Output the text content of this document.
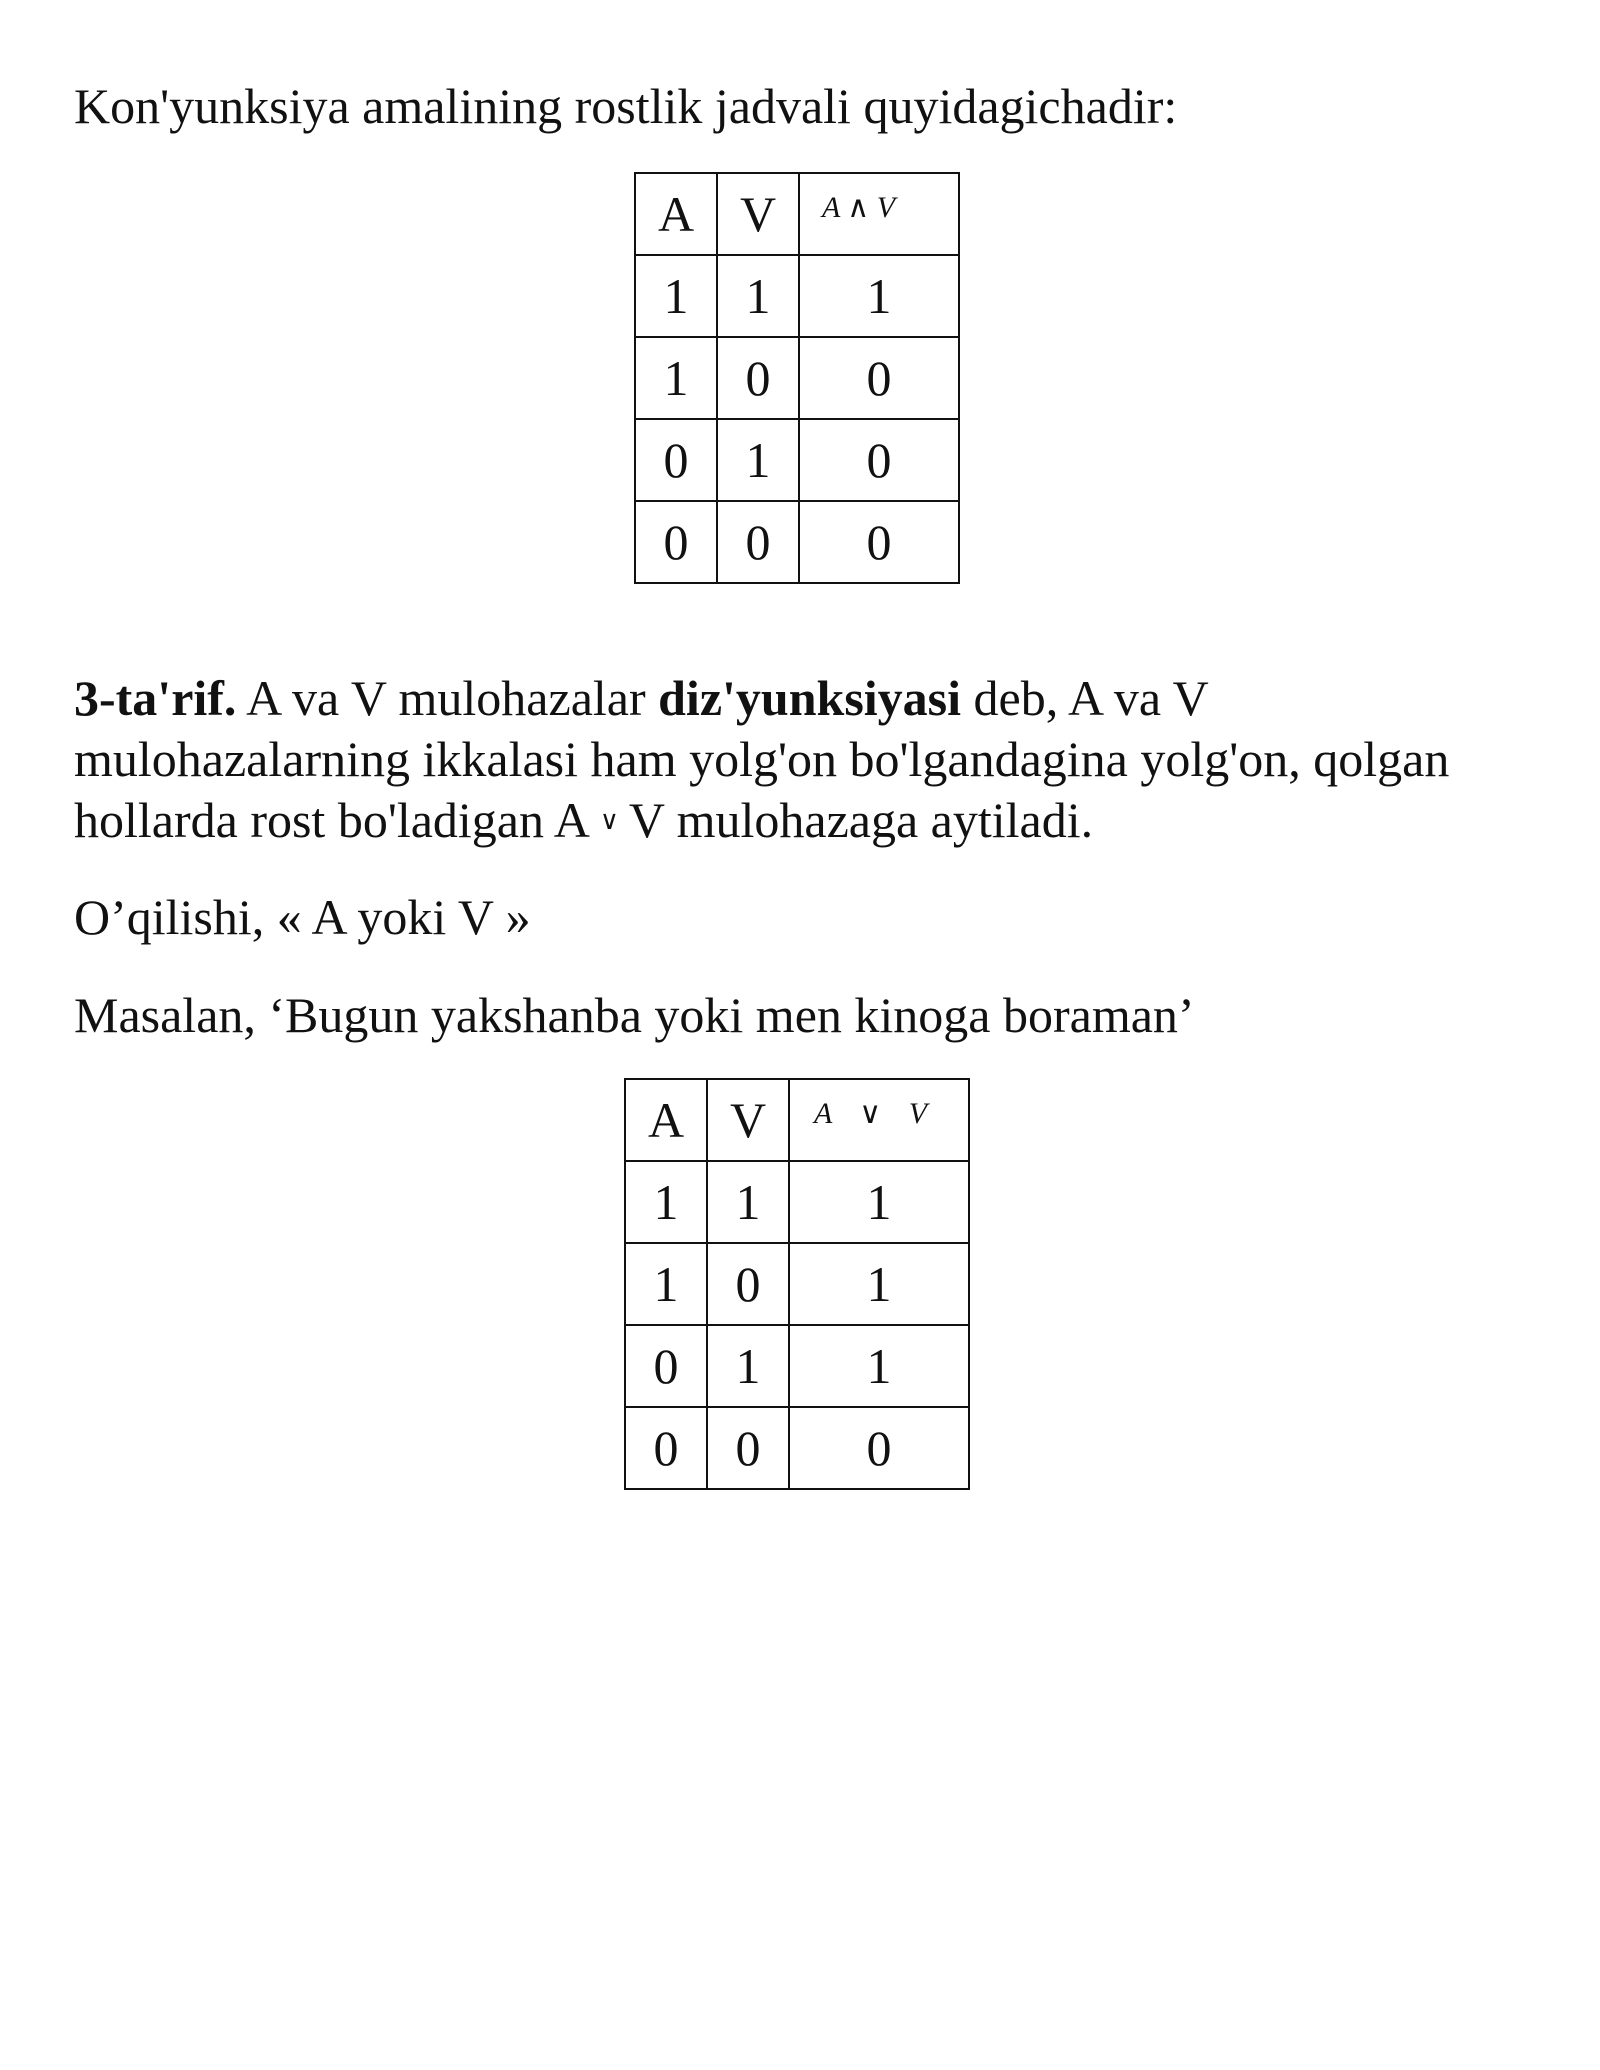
Kon'yunksiya amalining rostlik jadvali quyidagichadir:

A	V	A ∧ V
1	1	1
1	0	0
0	1	0
0	0	0

3-ta'rif. A va V mulohazalar diz'yunksiyasi deb, A va V mulohazalarning ikkalasi ham yolg'on bo'lgandagina yolg'on, qolgan hollarda rost bo'ladigan A ∨ V mulohazaga aytiladi.

O’qilishi, « A yoki V »

Masalan, ‘Bugun yakshanba yoki men kinoga boraman’

A	V	A ∨ V
1	1	1
1	0	1
0	1	1
0	0	0
